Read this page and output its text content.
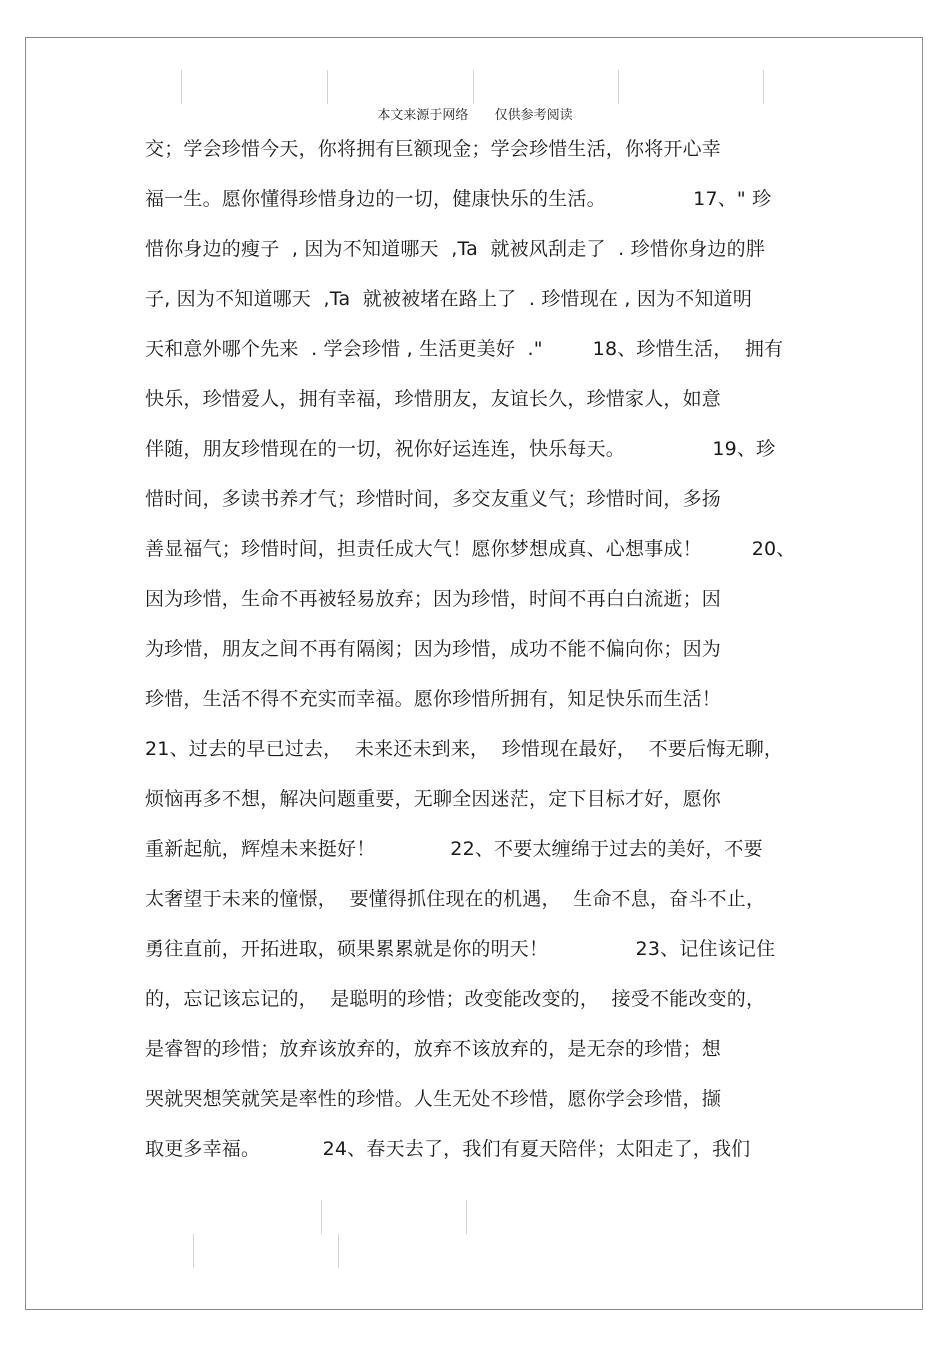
本文来源于网络 仅供参考阅读
交；学会珍惜今天，你将拥有巨额现金；学会珍惜生活，你将开心幸
福一生。愿你懂得珍惜身边的一切，健康快乐的生活。              17、" 珍
惜你身边的瘦子  , 因为不知道哪天  ,Ta  就被风刮走了  . 珍惜你身边的胖
子, 因为不知道哪天  ,Ta  就被被堵在路上了  . 珍惜现在 , 因为不知道明
天和意外哪个先来  . 学会珍惜 , 生活更美好  ."        18、珍惜生活，  拥有
快乐，珍惜爱人，拥有幸福，珍惜朋友，友谊长久，珍惜家人，如意
伴随，朋友珍惜现在的一切，祝你好运连连，快乐每天。              19、珍
惜时间，多读书养才气；珍惜时间，多交友重义气；珍惜时间，多扬
善显福气；珍惜时间，担责任成大气！愿你梦想成真、心想事成！        20、
因为珍惜，生命不再被轻易放弃；因为珍惜，时间不再白白流逝；因
为珍惜，朋友之间不再有隔阂；因为珍惜，成功不能不偏向你；因为
珍惜，生活不得不充实而幸福。愿你珍惜所拥有，知足快乐而生活！
21、过去的早已过去，  未来还未到来，  珍惜现在最好，  不要后悔无聊，
烦恼再多不想，解决问题重要，无聊全因迷茫，定下目标才好，愿你
重新起航，辉煌未来挺好！            22、不要太缠绵于过去的美好，不要
太奢望于未来的憧憬，  要懂得抓住现在的机遇，  生命不息，奋斗不止，
勇往直前，开拓进取，硕果累累就是你的明天！              23、记住该记住
的，忘记该忘记的，  是聪明的珍惜；改变能改变的，  接受不能改变的，
是睿智的珍惜；放弃该放弃的，放弃不该放弃的，是无奈的珍惜；想
哭就哭想笑就笑是率性的珍惜。人生无处不珍惜，愿你学会珍惜，撷
取更多幸福。          24、春天去了，我们有夏天陪伴；太阳走了，我们
